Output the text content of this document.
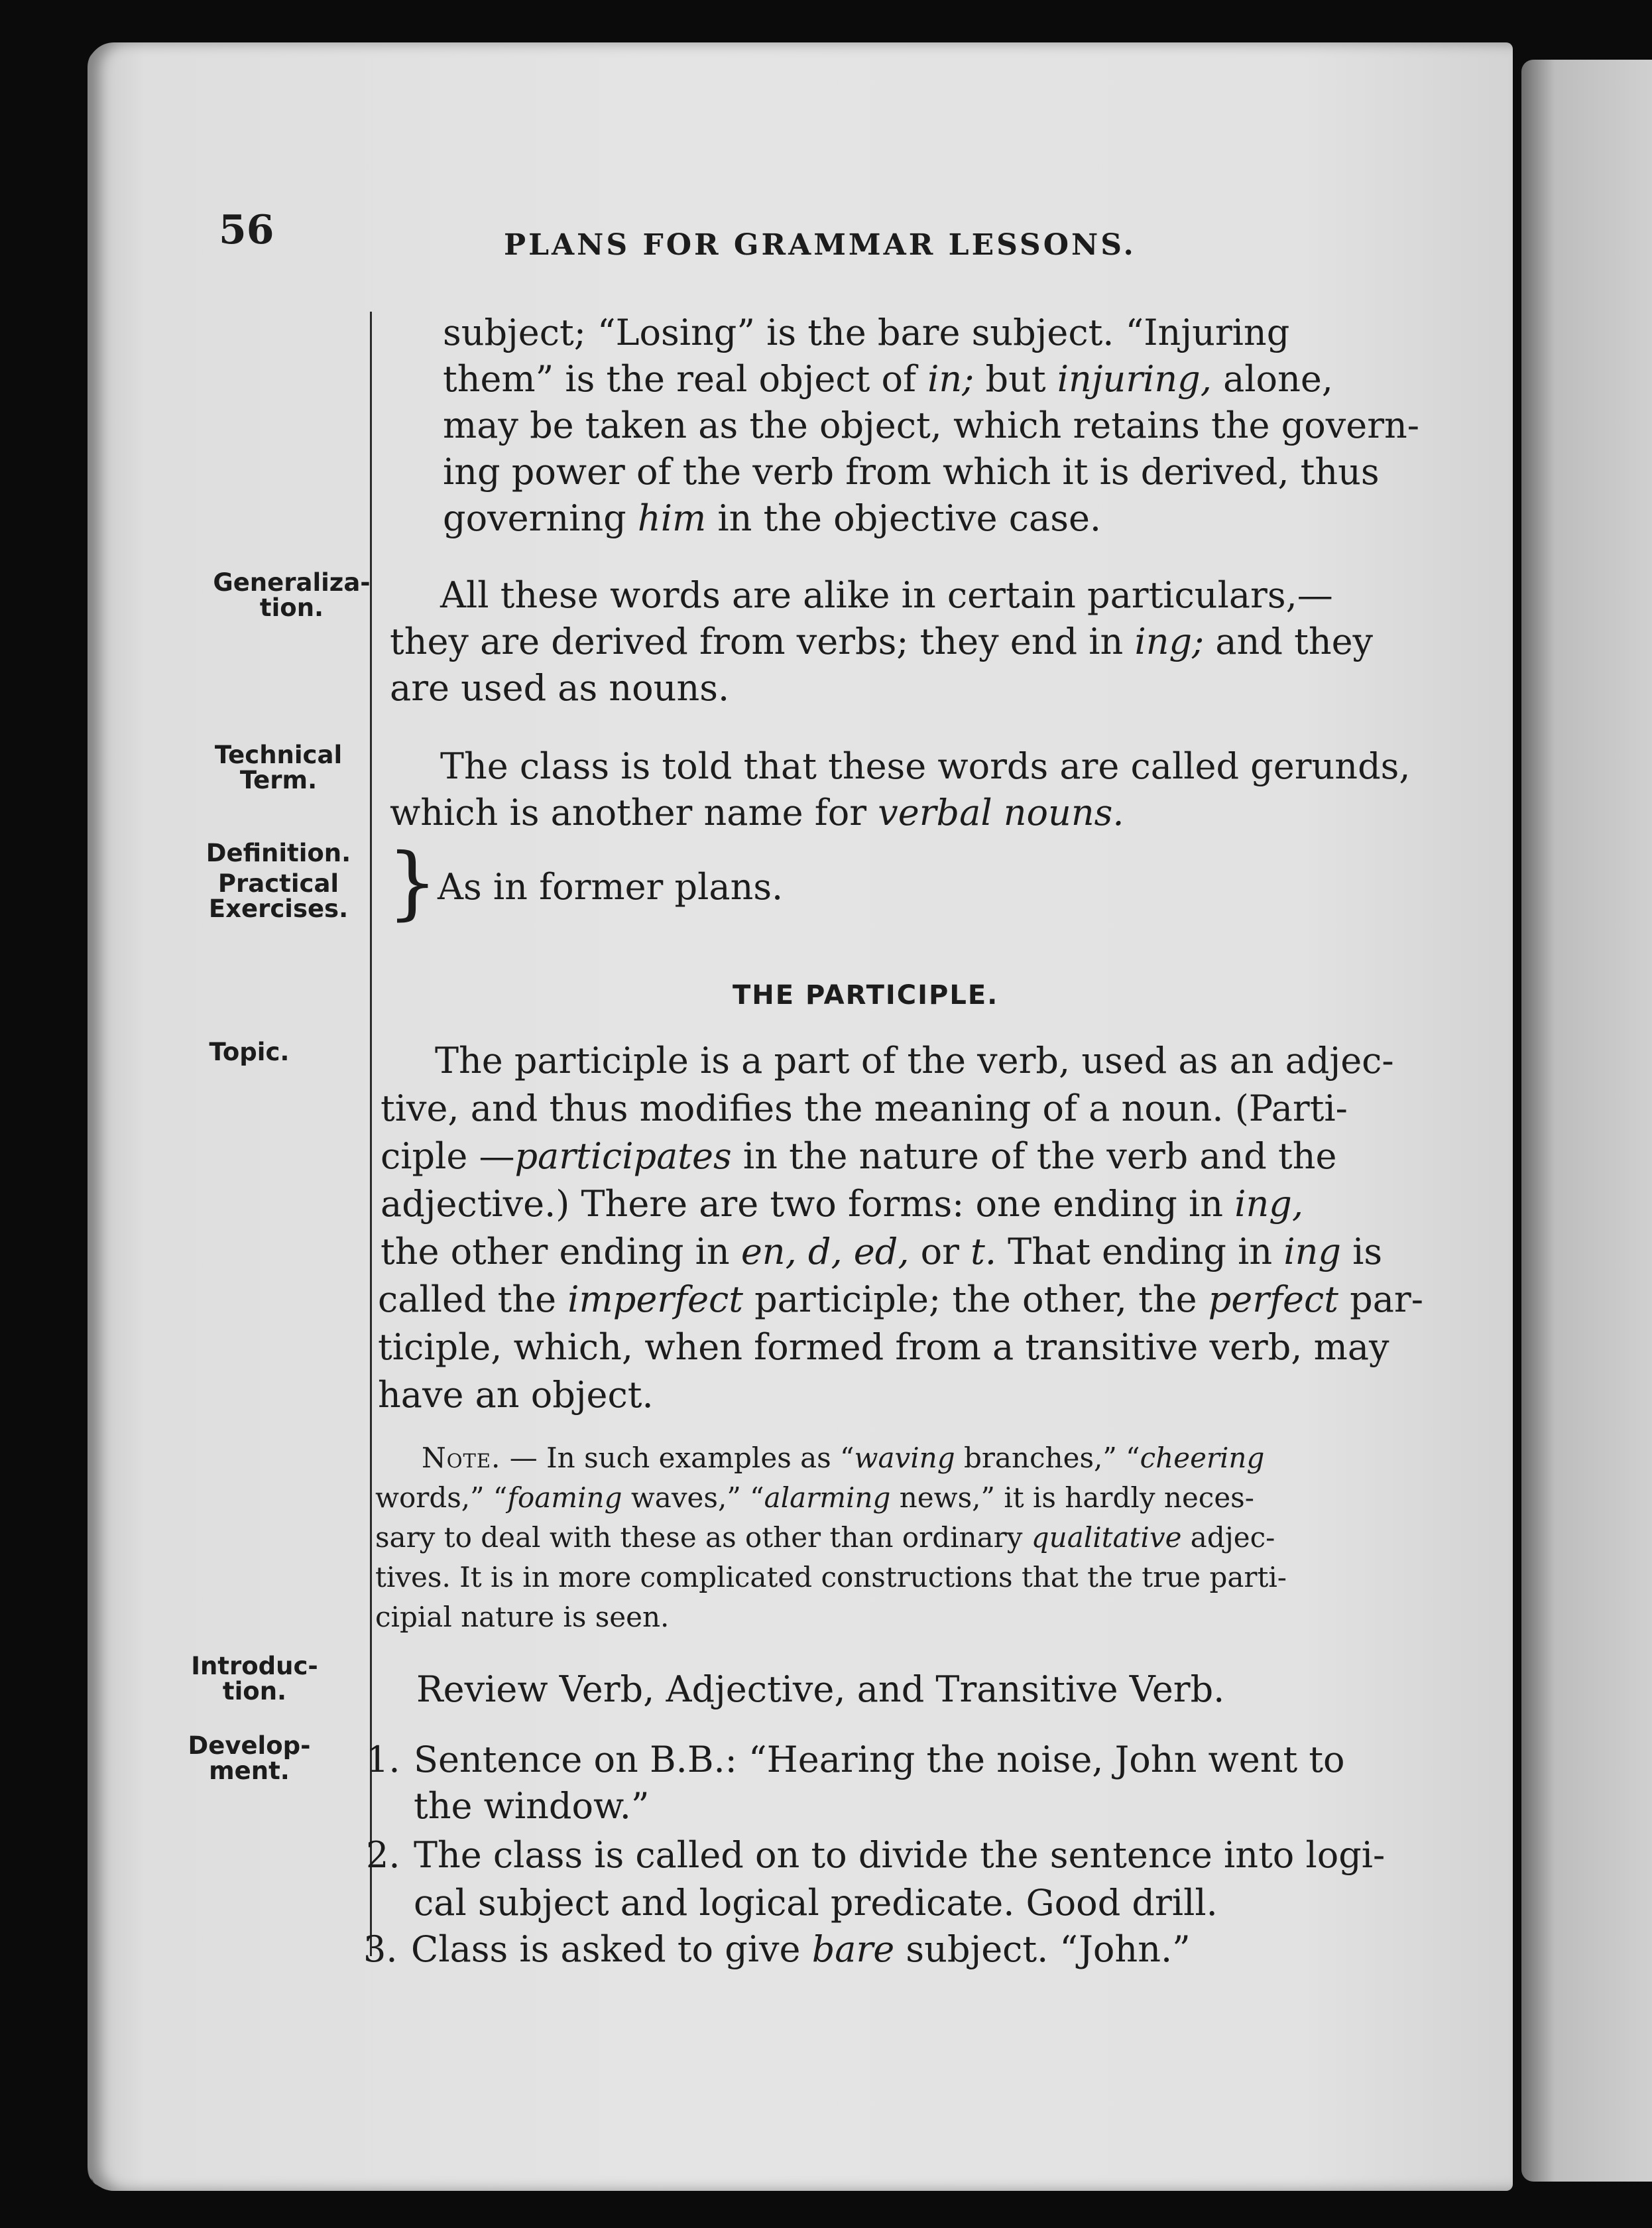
56	PLANS FOR GRAMMAR LESSONS.
Generaliza-
tion.
Technical
Term.
Definition.
Practical
Exercises.
Topic.
Introduc-
tion.
Develop-
ment.
subject; “Losing” is the bare subject. “Injuring
them” is the real object of in; but injuring, alone,
may be taken as the object, which retains the govern-
ing power of the verb from which it is derived, thus
governing him in the objective case.
All these words are alike in certain particulars,—
they are derived from verbs; they end in ing; and they
are used as nouns.
The class is told that these words are called gerunds,
which is another name for verbal nouns.
} As in former plans.
THE PARTICIPLE.
The participle is a part of the verb, used as an adjec-
tive, and thus modifies the meaning of a noun. (Parti-
ciple —participates in the nature of the verb and the
adjective.) There are two forms: one ending in ing,
the other ending in en, d, ed, or t. That ending in ing is
called the imperfect participle; the other, the perfect par-
ticiple, which, when formed from a transitive verb, may
have an object.
Note. — In such examples as “waving branches,” “cheering
words,” “foaming waves,” “alarming news,” it is hardly neces-
sary to deal with these as other than ordinary qualitative adjec-
tives. It is in more complicated constructions that the true parti-
cipial nature is seen.
Review Verb, Adjective, and Transitive Verb.
1. Sentence on B.B.: “Hearing the noise, John went to
the window.”
2. The class is called on to divide the sentence into logi-
cal subject and logical predicate. Good drill.
3. Class is asked to give bare subject. “John.”
